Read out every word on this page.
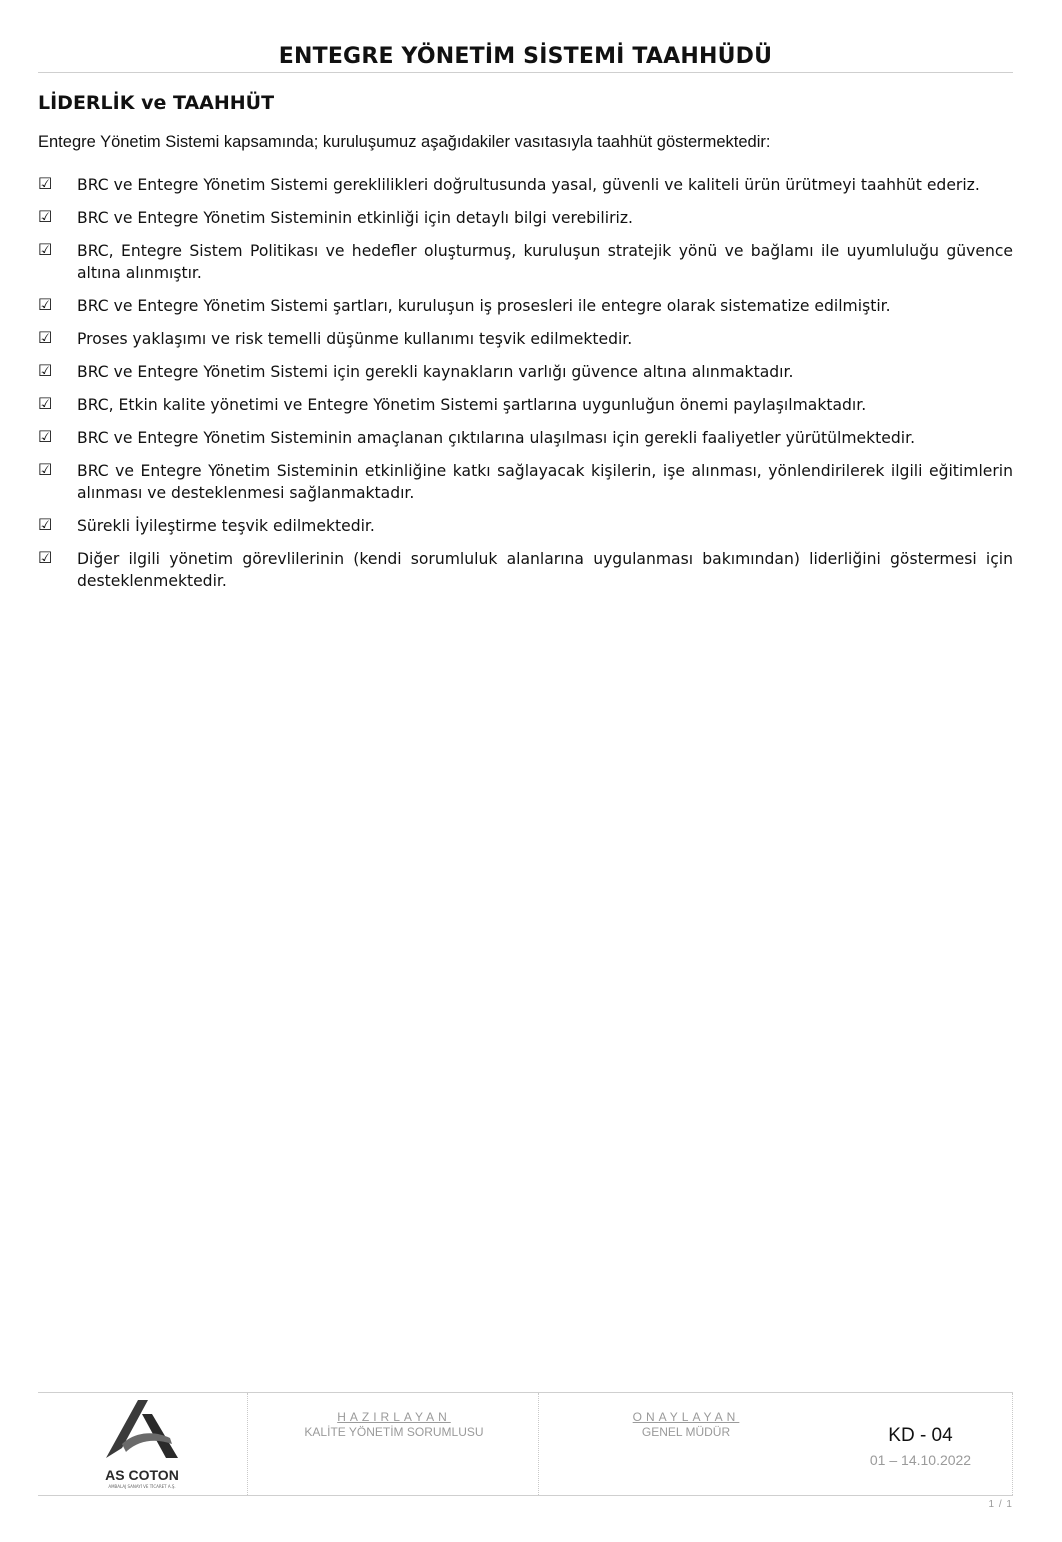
ENTEGRE YÖNETİM SİSTEMİ TAAHHÜDÜ
LİDERLİK ve TAAHHÜT
Entegre Yönetim Sistemi kapsamında; kuruluşumuz aşağıdakiler vasıtasıyla taahhüt göstermektedir:
☑ BRC ve Entegre Yönetim Sistemi gereklilikleri doğrultusunda yasal, güvenli ve kaliteli ürün ürütmeyi taahhüt ederiz.
☑ BRC ve Entegre Yönetim Sisteminin etkinliği için detaylı bilgi verebiliriz.
☑ BRC, Entegre Sistem Politikası ve hedefler oluşturmuş, kuruluşun stratejik yönü ve bağlamı ile uyumluluğu güvence altına alınmıştır.
☑ BRC ve Entegre Yönetim Sistemi şartları, kuruluşun iş prosesleri ile entegre olarak sistematize edilmiştir.
☑ Proses yaklaşımı ve risk temelli düşünme kullanımı teşvik edilmektedir.
☑ BRC ve Entegre Yönetim Sistemi için gerekli kaynakların varlığı güvence altına alınmaktadır.
☑ BRC, Etkin kalite yönetimi ve Entegre Yönetim Sistemi şartlarına uygunluğun önemi paylaşılmaktadır.
☑ BRC ve Entegre Yönetim Sisteminin amaçlanan çıktılarına ulaşılması için gerekli faaliyetler yürütülmektedir.
☑ BRC ve Entegre Yönetim Sisteminin etkinliğine katkı sağlayacak kişilerin, işe alınması, yönlendirilerek ilgili eğitimlerin alınması ve desteklenmesi sağlanmaktadır.
☑ Sürekli İyileştirme teşvik edilmektedir.
☑ Diğer ilgili yönetim görevlilerinin (kendi sorumluluk alanlarına uygulanması bakımından) liderliğini göstermesi için desteklenmektedir.
AS COTON
AMBALAJ SANAYİ VE TİCARET A.Ş.
HAZIRLAYAN
KALİTE YÖNETİM SORUMLUSU
ONAYLAYAN
GENEL MÜDÜR	KD - 04
01 – 14.10.2022
1 / 1
